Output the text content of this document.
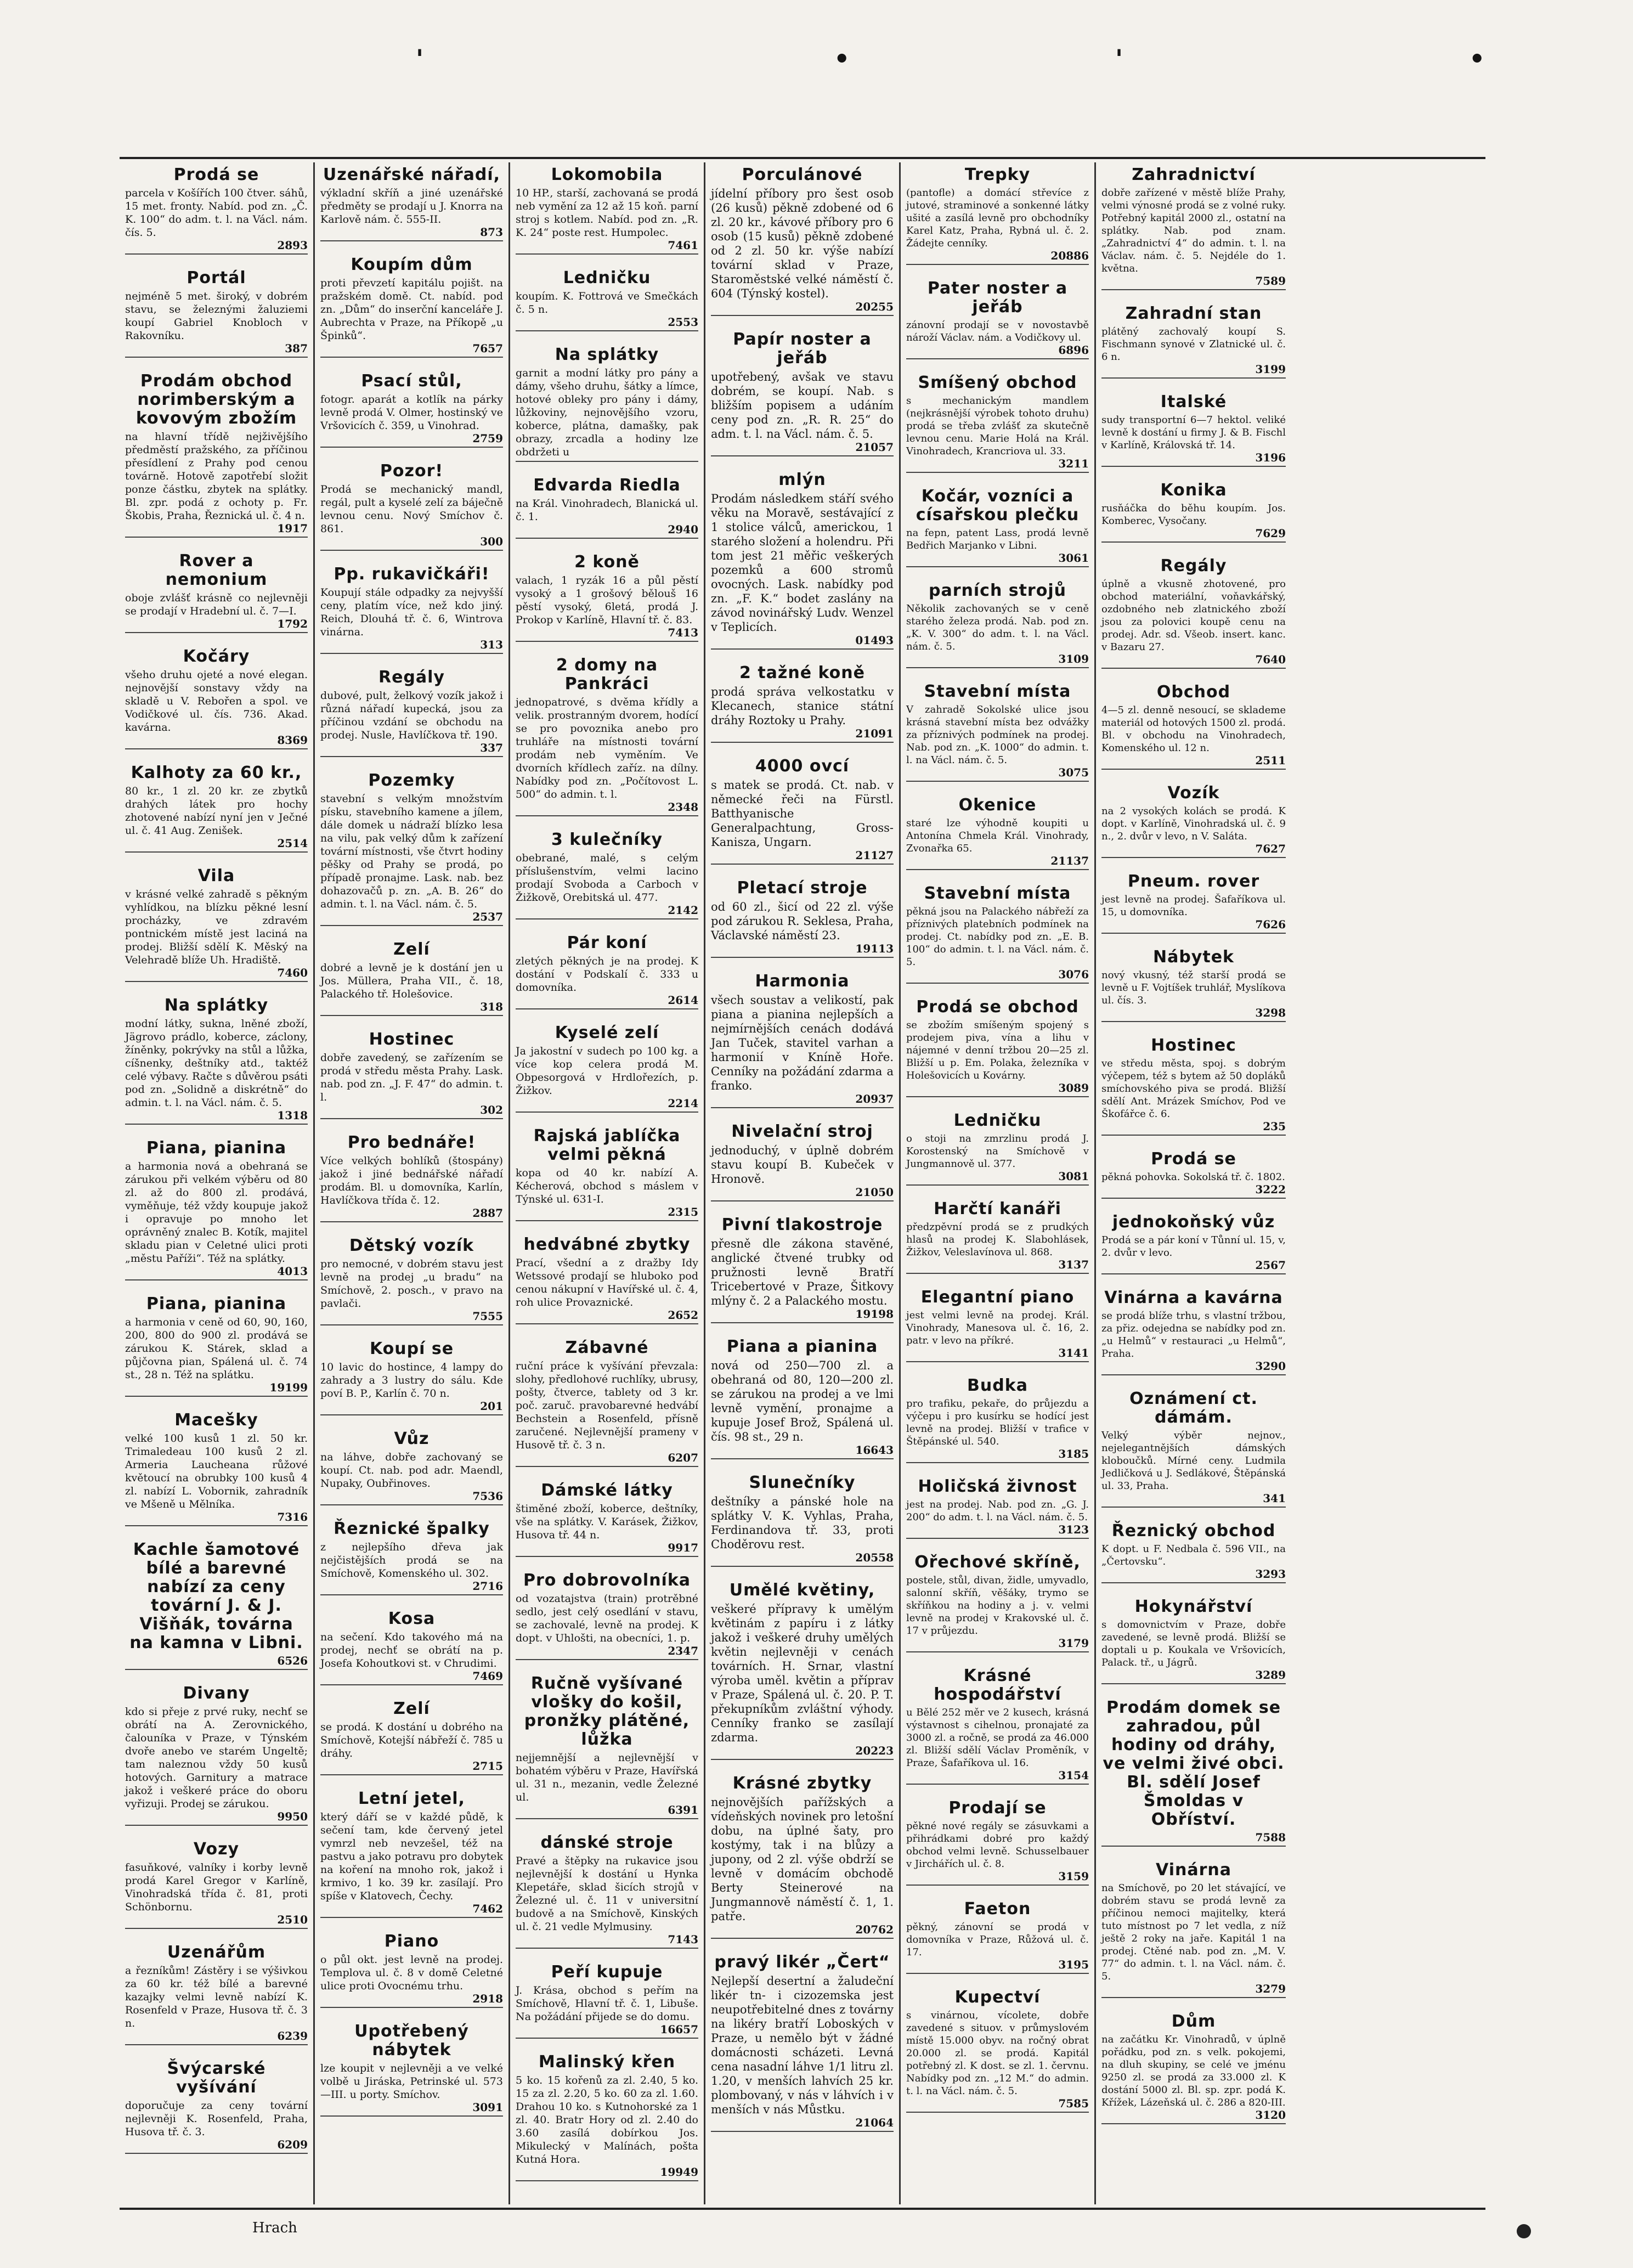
'	•	'	•
Prodá se

parcela v Košířích 100 čtver. sáhů, 15 met. fronty. Nabíd. pod zn. „Č. K. 100“ do adm. t. l. na Václ. nám. čís. 5.

2893
Portál

nejméně 5 met. široký, v dobrém stavu, se železnými žaluziemi koupí Gabriel Knobloch v Rakovníku.

387
Prodám obchod norimberským a kovovým zbožím

na hlavní třídě nejživějšího předměstí pražského, za příčinou přesídlení z Prahy pod cenou továrně. Hotově zapotřebí složit ponze částku, zbytek na splátky. Bl. zpr. podá z ochoty p. Fr. Škobis, Praha, Řeznická ul. č. 4 n.

1917
Rover a nemonium

oboje zvlášť krásně co nejlevněji se prodají v Hradební ul. č. 7—I.

1792
Kočáry

všeho druhu ojeté a nové elegan. nejnovější sonstavy vždy na skladě u V. Rebořen a spol. ve Vodičkové ul. čís. 736. Akad. kavárna.

8369
Kalhoty za 60 kr.,

80 kr., 1 zl. 20 kr. ze zbytků drahých látek pro hochy zhotovené nabízí nyní jen v Ječné ul. č. 41 Aug. Zenišek.

2514
Vila

v krásné velké zahradě s pěkným vyhlídkou, na blízku pěkné lesní procházky, ve zdravém pontnickém místě jest laciná na prodej. Bližší sdělí K. Měský na Velehradě blíže Uh. Hradiště.

7460
Na splátky

modní látky, sukna, lněné zboží, Jägrovo prádlo, koberce, záclony, žíněnky, pokrývky na stůl a lůžka, cíšnenky, deštníky atd., taktéž celé výbavy. Račte s důvěrou psáti pod zn. „Solidně a diskrétně“ do admin. t. l. na Václ. nám. č. 5.

1318
Piana, pianina

a harmonia nová a obehraná se zárukou při velkém výběru od 80 zl. až do 800 zl. prodává, vyměňuje, též vždy koupuje jakož i opravuje po mnoho let oprávněný znalec B. Kotík, majitel skladu pian v Celetné ulici proti „městu Paříži“. Též na splátky.

4013
Piana, pianina

a harmonia v ceně od 60, 90, 160, 200, 800 do 900 zl. prodává se zárukou K. Stárek, sklad a půjčovna pian, Spálená ul. č. 74 st., 28 n. Též na splátku.

19199
Macešky

velké 100 kusů 1 zl. 50 kr. Trimaledeau 100 kusů 2 zl. Armeria Laucheana růžové květoucí na obrubky 100 kusů 4 zl. nabízí L. Vobornik, zahradník ve Mšeně u Mělníka.

7316
Kachle šamotové bílé a barevné nabízí za ceny tovární J. & J. Višňák, továrna na kamna v Libni.
6526
Divany

kdo si přeje z prvé ruky, nechť se obrátí na A. Zerovnického, čalouníka v Praze, v Týnském dvoře anebo ve starém Ungeltě; tam naleznou vždy 50 kusů hotových. Garnitury a matrace jakož i veškeré práce do oboru vyřizuji. Prodej se zárukou.

9950
Vozy

fasuňkové, valníky i korby levně prodá Karel Gregor v Karlíně, Vinohradská třída č. 81, proti Schönbornu.

2510
Uzenářům

a řezníkům! Zástěry i se výšivkou za 60 kr. též bílé a barevné kazajky velmi levně nabízí K. Rosenfeld v Praze, Husova tř. č. 3 n.

6239
Švýcarské vyšívání

doporučuje za ceny tovární nejlevněji K. Rosenfeld, Praha, Husova tř. č. 3.

6209
Uzenářské nářadí,

výkladní skříň a jiné uzenářské předměty se prodají u J. Knorra na Karlově nám. č. 555-II.

873
Koupím dům

proti převzetí kapitálu pojišt. na pražském domě. Ct. nabíd. pod zn. „Dům“ do inserční kanceláře J. Aubrechta v Praze, na Příkopě „u Špinků“.

7657
Psací stůl,

fotogr. aparát a kotlík na párky levně prodá V. Olmer, hostinský ve Vršovicích č. 359, u Vinohrad.

2759
Pozor!

Prodá se mechanický mandl, regál, pult a kyselé zelí za báječně levnou cenu. Nový Smíchov č. 861.

300
Pp. rukavičkáři!

Koupují stále odpadky za nejvyšší ceny, platím více, než kdo jiný. Reich, Dlouhá tř. č. 6, Wintrova vinárna.

313
Regály

dubové, pult, želkový vozík jakož i různá nářadí kupecká, jsou za příčinou vzdání se obchodu na prodej. Nusle, Havlíčkova tř. 190.

337
Pozemky

stavební s velkým množstvím písku, stavebního kamene a jílem, dále domek u nádraží blízko lesa na vilu, pak velký dům k zařízení tovární místnosti, vše čtvrt hodiny pěšky od Prahy se prodá, po případě pronajme. Lask. nab. bez dohazovačů p. zn. „A. B. 26“ do admin. t. l. na Václ. nám. č. 5.

2537
Zelí

dobré a levně je k dostání jen u Jos. Müllera, Praha VII., č. 18, Palackého tř. Holešovice.

318
Hostinec

dobře zavedený, se zařízením se prodá v středu města Prahy. Lask. nab. pod zn. „J. F. 47“ do admin. t. l.

302
Pro bednáře!

Více velkých bohlíků (štospány) jakož i jiné bednářské nářadí prodám. Bl. u domovníka, Karlín, Havlíčkova třída č. 12.

2887
Dětský vozík

pro nemocné, v dobrém stavu jest levně na prodej „u bradu“ na Smíchově, 2. posch., v pravo na pavlači.

7555
Koupí se

10 lavic do hostince, 4 lampy do zahrady a 3 lustry do sálu. Kde poví B. P., Karlín č. 70 n.

201
Vůz

na láhve, dobře zachovaný se koupí. Ct. nab. pod adr. Maendl, Nupaky, Oubřinoves.

7536
Řeznické špalky

z nejlepšího dřeva jak nejčistějších prodá se na Smíchově, Komenského ul. 302.

2716
Kosa

na sečení. Kdo takového má na prodej, nechť se obrátí na p. Josefa Kohoutkovi st. v Chrudimi.

7469
Zelí

se prodá. K dostání u dobrého na Smíchově, Kotejší nábřeží č. 785 u dráhy.

2715
Letní jetel,

který dáří se v každé půdě, k sečení tam, kde červený jetel vymrzl neb nevzešel, též na pastvu a jako potravu pro dobytek na koření na mnoho rok, jakož i krmivo, 1 ko. 39 kr. zasílají. Pro spíše v Klatovech, Čechy.

7462
Piano

o půl okt. jest levně na prodej. Templova ul. č. 8 v domě Celetné ulice proti Ovocnému trhu.

2918
Upotřebený nábytek

lze koupit v nejlevněji a ve velké volbě u Jiráska, Petrinské ul. 573—III. u porty. Smíchov.

3091
Lokomobila

10 HP., starší, zachovaná se prodá neb vymění za 12 až 15 koň. parní stroj s kotlem. Nabíd. pod zn. „R. K. 24“ poste rest. Humpolec.

7461
Ledničku

koupím. K. Fottrová ve Smečkách č. 5 n.

2553
Na splátky

garnit a modní látky pro pány a dámy, všeho druhu, šátky a límce, hotové obleky pro pány i dámy, lůžkoviny, nejnovějšího vzoru, koberce, plátna, damašky, pak obrazy, zrcadla a hodiny lze obdržeti u

Edvarda Riedla

na Král. Vinohradech, Blanická ul. č. 1.

2940
2 koně

valach, 1 ryzák 16 a půl pěstí vysoký a 1 grošový bělouš 16 pěstí vysoký, 6letá, prodá J. Prokop v Karlíně, Hlavní tř. č. 83.

7413
2 domy na Pankráci

jednopatrové, s dvěma křídly a velik. prostranným dvorem, hodící se pro povoznika anebo pro truhláře na místnosti tovární prodám neb vyměním. Ve dvorních křídlech zaříz. na dílny. Nabídky pod zn. „Počítovost L. 500“ do admin. t. l.

2348
3 kulečníky

obebrané, malé, s celým příslušenstvím, velmi lacino prodají Svoboda a Carboch v Žižkově, Orebitská ul. 477.

2142
Pár koní

zletých pěkných je na prodej. K dostání v Podskalí č. 333 u domovníka.

2614
Kyselé zelí

Ja jakostní v sudech po 100 kg. a více kop celera prodá M. Obpesorgová v Hrdlořezích, p. Žižkov.

2214
Rajská jablíčka velmi pěkná

kopa od 40 kr. nabízí A. Kécherová, obchod s máslem v Týnské ul. 631-I.

2315
hedvábné zbytky

Prací, všední a z dražby Idy Wetssové prodají se hluboko pod cenou nákupní v Havířské ul. č. 4, roh ulice Provaznické.

2652
Zábavné

ruční práce k vyšívání převzala: slohy, předlohové ruchlíky, ubrusy, pošty, čtverce, tablety od 3 kr. poč. zaruč. pravobarevné hedvábí Bechstein a Rosenfeld, přísně zaručené. Nejlevnější prameny v Husově tř. č. 3 n.

6207
Dámské látky

štiměné zboží, koberce, deštníky, vše na splátky. V. Karásek, Žižkov, Husova tř. 44 n.

9917
Pro dobrovolníka

od vozatajstva (train) protrěbné sedlo, jest celý osedlání v stavu, se zachovalé, levně na prodej. K dopt. v Uhlošti, na obecníci, 1. p.

2347
Ručně vyšívané vlošky do košil, pronžky plátěné, lůžka

nejjemnější a nejlevnější v bohatém výběru v Praze, Havířská ul. 31 n., mezanin, vedle Železné ul.

6391
dánské stroje

Pravé a štěpky na rukavice jsou nejlevnější k dostání u Hynka Klepetáře, sklad šicích strojů v Železné ul. č. 11 v universitní budově a na Smíchově, Kinských ul. č. 21 vedle Mylmusiny.

7143
Peří kupuje

J. Krása, obchod s peřím na Smíchově, Hlavní tř. č. 1, Libuše. Na požádání přijede se do domu.

16657
Malinský křen

5 ko. 15 kořenů za zl. 2.40, 5 ko. 15 za zl. 2.20, 5 ko. 60 za zl. 1.60. Drahou 10 ko. s Kutnohorské za 1 zl. 40. Bratr Hory od zl. 2.40 do 3.60 zasílá dobírkou Jos. Mikulecký v Malínách, pošta Kutná Hora.

19949
Porculánové

jídelní příbory pro šest osob (26 kusů) pěkně zdobené od 6 zl. 20 kr., kávové příbory pro 6 osob (15 kusů) pěkně zdobené od 2 zl. 50 kr. výše nabízí tovární sklad v Praze, Staroměstské velké náměstí č. 604 (Týnský kostel).

20255
Papír noster a jeřáb

upotřebený, avšak ve stavu dobrém, se koupí. Nab. s bližším popisem a udáním ceny pod zn. „R. R. 25“ do adm. t. l. na Václ. nám. č. 5.

21057
mlýn

Prodám následkem stáří svého věku na Moravě, sestávající z 1 stolice válců, americkou, 1 starého složení a holendru. Při tom jest 21 měřic veškerých pozemků a 600 stromů ovocných. Lask. nabídky pod zn. „F. K.“ bodet zaslány na závod novinářský Ludv. Wenzel v Teplicích.

01493
2 tažné koně

prodá správa velkostatku v Klecanech, stanice státní dráhy Roztoky u Prahy.

21091
4000 ovcí

s matek se prodá. Ct. nab. v německé řeči na Fürstl. Batthyanische Generalpachtung, Gross-Kanisza, Ungarn.

21127
Pletací stroje

od 60 zl., šicí od 22 zl. výše pod zárukou R. Seklesa, Praha, Václavské náměstí 23.

19113
Harmonia

všech soustav a velikostí, pak piana a pianina nejlepších a nejmírnějších cenách dodává Jan Tuček, stavitel varhan a harmonií v Kníně Hoře. Cenníky na požádání zdarma a franko.

20937
Nivelační stroj

jednoduchý, v úplně dobrém stavu koupí B. Kubeček v Hronově.

21050
Pivní tlakostroje

přesně dle zákona stavěné, anglické čtvené trubky od pružnosti levně Bratří Tricebertové v Praze, Šitkovy mlýny č. 2 a Palackého mostu.

19198
Piana a pianina

nová od 250—700 zl. a obehraná od 80, 120—200 zl. se zárukou na prodej a ve lmi levně vymění, pronajme a kupuje Josef Brož, Spálená ul. čís. 98 st., 29 n.

16643
Slunečníky

deštníky a pánské hole na splátky V. K. Vyhlas, Praha, Ferdinandova tř. 33, proti Choděrovu rest.

20558
Umělé květiny,

veškeré přípravy k umělým květinám z papíru i z látky jakož i veškeré druhy umělých květin nejlevněji v cenách továrních. H. Srnar, vlastní výroba uměl. květin a příprav v Praze, Spálená ul. č. 20. P. T. překupníkům zvláštní výhody. Cenníky franko se zasílají zdarma.

20223
Krásné zbytky

nejnovějších pařížských a vídeňských novinek pro letošní dobu, na úplné šaty, pro kostýmy, tak i na blůzy a jupony, od 2 zl. výše obdrží se levně v domácím obchodě Berty Steinerové na Jungmannově náměstí č. 1, 1. patře.

20762
pravý likér „Čert“

Nejlepší desertní a žaludeční likér tn- i cizozemska jest neupotřebitelné dnes z továrny na likéry bratří Loboských v Praze, u nemělo být v žádné domácnosti scházeti. Levná cena nasadní láhve 1/1 litru zl. 1.20, v menších lahvích 25 kr. plombovaný, v nás v láhvích i v menších v nás Můstku.

21064
Trepky

(pantofle) a domácí střevíce z jutové, straminové a sonkenné látky ušité a zasílá levně pro obchodníky Karel Katz, Praha, Rybná ul. č. 2. Žádejte cenníky.

20886
Pater noster a jeřáb

zánovní prodají se v novostavbě nároží Václav. nám. a Vodičkovy ul.

6896
Smíšený obchod

s mechanickým mandlem (nejkrásnější výrobek tohoto druhu) prodá se třeba zvlášť za skutečně levnou cenu. Marie Holá na Král. Vinohradech, Krancriova ul. 33.

3211
Kočár, vozníci a císařskou plečku

na fepn, patent Lass, prodá levně Bedřich Marjanko v Libni.

3061
parních strojů

Několik zachovaných se v ceně starého železa prodá. Nab. pod zn. „K. V. 300“ do adm. t. l. na Václ. nám. č. 5.

3109
Stavební místa

V zahradě Sokolské ulice jsou krásná stavební místa bez odvážky za příznivých podmínek na prodej. Nab. pod zn. „K. 1000“ do admin. t. l. na Václ. nám. č. 5.

3075
Okenice

staré lze výhodně koupiti u Antonína Chmela Král. Vinohrady, Zvonařka 65.

21137
Stavební místa

pěkná jsou na Palackého nábřeží za příznivých platebních podmínek na prodej. Ct. nabídky pod zn. „E. B. 100“ do admin. t. l. na Václ. nám. č. 5.

3076
Prodá se obchod

se zbožím smíšeným spojený s prodejem piva, vína a lihu v nájemné v denní tržbou 20—25 zl. Bližší u p. Em. Polaka, železníka v Holešovicích u Kovárny.

3089
Ledničku

o stoji na zmrzlinu prodá J. Korostenský na Smíchově v Jungmannově ul. 377.

3081
Harčtí kanáři

předzpěvní prodá se z prudkých hlasů na prodej K. Slabohlásek, Žižkov, Veleslavínova ul. 868.

3137
Elegantní piano

jest velmi levně na prodej. Král. Vinohrady, Manesova ul. č. 16, 2. patr. v levo na příkré.

3141
Budka

pro trafiku, pekaře, do průjezdu a výčepu i pro kusírku se hodící jest levně na prodej. Bližší v trafice v Štěpánské ul. 540.

3185
Holičská živnost

jest na prodej. Nab. pod zn. „G. J. 200“ do adm. t. l. na Václ. nám. č. 5.

3123
Ořechové skříně,

postele, stůl, divan, židle, umyvadlo, salonní skříň, věšáky, trymo se skříňkou na hodiny a j. v. velmi levně na prodej v Krakovské ul. č. 17 v průjezdu.

3179
Krásné hospodářství

u Bělé 252 měr ve 2 kusech, krásná výstavnost s cihelnou, pronajaté za 3000 zl. a ročně, se prodá za 46.000 zl. Bližší sdělí Václav Proměník, v Praze, Šafaříkova ul. 16.

3154
Prodají se

pěkné nové regály se zásuvkami a přihrádkami dobré pro každý obchod velmi levně. Schusselbauer v Jirchářích ul. č. 8.

3159
Faeton

pěkný, zánovní se prodá v domovníka v Praze, Růžová ul. č. 17.

3195
Kupectví

s vinárnou, vícolete, dobře zavedené s situov. v průmyslovém místě 15.000 obyv. na ročný obrat 20.000 zl. se prodá. Kapitál potřebný zl. K dost. se zl. 1. červnu. Nabídky pod zn. „12 M.“ do admin. t. l. na Václ. nám. č. 5.

7585
Zahradnictví

dobře zařízené v městě blíže Prahy, velmi výnosné prodá se z volné ruky. Potřebný kapitál 2000 zl., ostatní na splátky. Nab. pod znam. „Zahradnictví 4“ do admin. t. l. na Václav. nám. č. 5. Nejdéle do 1. května.

7589
Zahradní stan

plátěný zachovalý koupí S. Fischmann synové v Zlatnické ul. č. 6 n.

3199
Italské

sudy transportní 6—7 hektol. veliké levně k dostání u firmy J. & B. Fischl v Karlíně, Královská tř. 14.

3196
Konika

rusňáčka do běhu koupím. Jos. Komberec, Vysočany.

7629
Regály

úplně a vkusně zhotovené, pro obchod materiální, voňavkářský, ozdobného neb zlatnického zboží jsou za polovici koupě cenu na prodej. Adr. sd. Všeob. insert. kanc. v Bazaru 27.

7640
Obchod

4—5 zl. denně nesoucí, se sklademe materiál od hotových 1500 zl. prodá. Bl. v obchodu na Vinohradech, Komenského ul. 12 n.

2511
Vozík

na 2 vysokých kolách se prodá. K dopt. v Karlíně, Vinohradská ul. č. 9 n., 2. dvůr v levo, n V. Saláta.

7627
Pneum. rover

jest levně na prodej. Šafaříkova ul. 15, u domovníka.

7626
Nábytek

nový vkusný, též starší prodá se levně u F. Vojtíšek truhlář, Myslíkova ul. čís. 3.

3298
Hostinec

ve středu města, spoj. s dobrým výčepem, též s bytem až 50 dopláků smíchovského piva se prodá. Bližší sdělí Ant. Mrázek Smíchov, Pod ve Škofářce č. 6.

235
Prodá se

pěkná pohovka. Sokolská tř. č. 1802.

3222
jednokoňský vůz

Prodá se a pár koní v Tůnní ul. 15, v, 2. dvůr v levo.

2567
Vinárna a kavárna

se prodá blíže trhu, s vlastní tržbou, za přiz. odejedna se nabídky pod zn. „u Helmů“ v restauraci „u Helmů“, Praha.

3290
Oznámení ct. dámám.

Velký výběr nejnov., nejelegantnějších dámských kloboučků. Mírné ceny. Ludmila Jedličková u J. Sedlákové, Štěpánská ul. 33, Praha.

341
Řeznický obchod

K dopt. u F. Nedbala č. 596 VII., na „Čertovsku“.

3293
Hokynářství

s domovnictvím v Praze, dobře zavedené, se levně prodá. Bližší se doptali u p. Koukala ve Vršovicích, Palack. tř., u Jágrů.

3289
Prodám domek se zahradou, půl hodiny od dráhy, ve velmi živé obci. Bl. sdělí Josef Šmoldas v Obříství.
7588
Vinárna

na Smíchově, po 20 let stávající, ve dobrém stavu se prodá levně za příčinou nemoci majitelky, která tuto místnost po 7 let vedla, z níž ještě 2 roky na jaře. Kapitál 1 na prodej. Ctěné nab. pod zn. „M. V. 77“ do admin. t. l. na Václ. nám. č. 5.

3279
Dům

na začátku Kr. Vinohradů, v úplně pořádku, pod zn. s velk. pokojemi, na dluh skupiny, se celé ve jménu 9250 zl. se prodá za 33.000 zl. K dostání 5000 zl. Bl. sp. zpr. podá K. Křížek, Lázeňská ul. č. 286 a 820-III.

3120
Hrach
